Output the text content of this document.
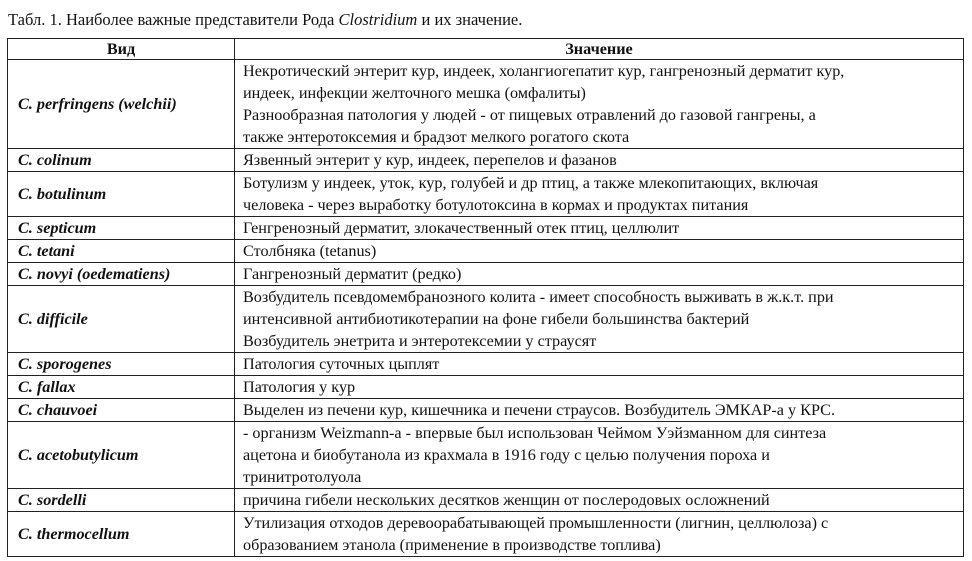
Табл. 1. Наиболее важные представители Рода Clostridium и их значение.
Вид	Значение
C. perfringens (welchii)	Некротический энтерит кур, индеек, холангиогепатит кур, гангренозный дерматит кур,
индеек, инфекции желточного мешка (омфалиты)
Разнообразная патология у людей - от пищевых отравлений до газовой гангрены, а
также энтеротоксемия и брадзот мелкого рогатого скота

C. colinum	Язвенный энтерит у кур, индеек, перепелов и фазанов

C. botulinum	Ботулизм у индеек, уток, кур, голубей и др птиц, а также млекопитающих, включая
человека - через выработку ботулотоксина в кормах и продуктах питания

C. septicum	Генгренозный дерматит, злокачественный отек птиц, целлюлит

C. tetani	Столбняка (tetanus)

C. novyi (oedematiens)	Гангренозный дерматит (редко)

C. difficile	Возбудитель псевдомембранозного колита - имеет способность выживать в ж.к.т. при
интенсивной антибиотикотерапии на фоне гибели большинства бактерий
Возбудитель энетрита и энтеротексемии у страусят

C. sporogenes	Патология суточных цыплят

C. fallax	Патология у кур

C. chauvoei	Выделен из печени кур, кишечника и печени страусов. Возбудитель ЭМКАР-а у КРС.

C. acetobutylicum	- организм Weizmann-а - впервые был использован Чеймом Уэйзманном для синтеза
ацетона и биобутанола из крахмала в 1916 году с целью получения пороха и
тринитротолуола

C. sordelli	причина гибели нескольких десятков женщин от послеродовых осложнений

C. thermocellum	Утилизация отходов деревоорабатывающей промышленности (лигнин, целлюлоза) с
образованием этанола (применение в производстве топлива)
